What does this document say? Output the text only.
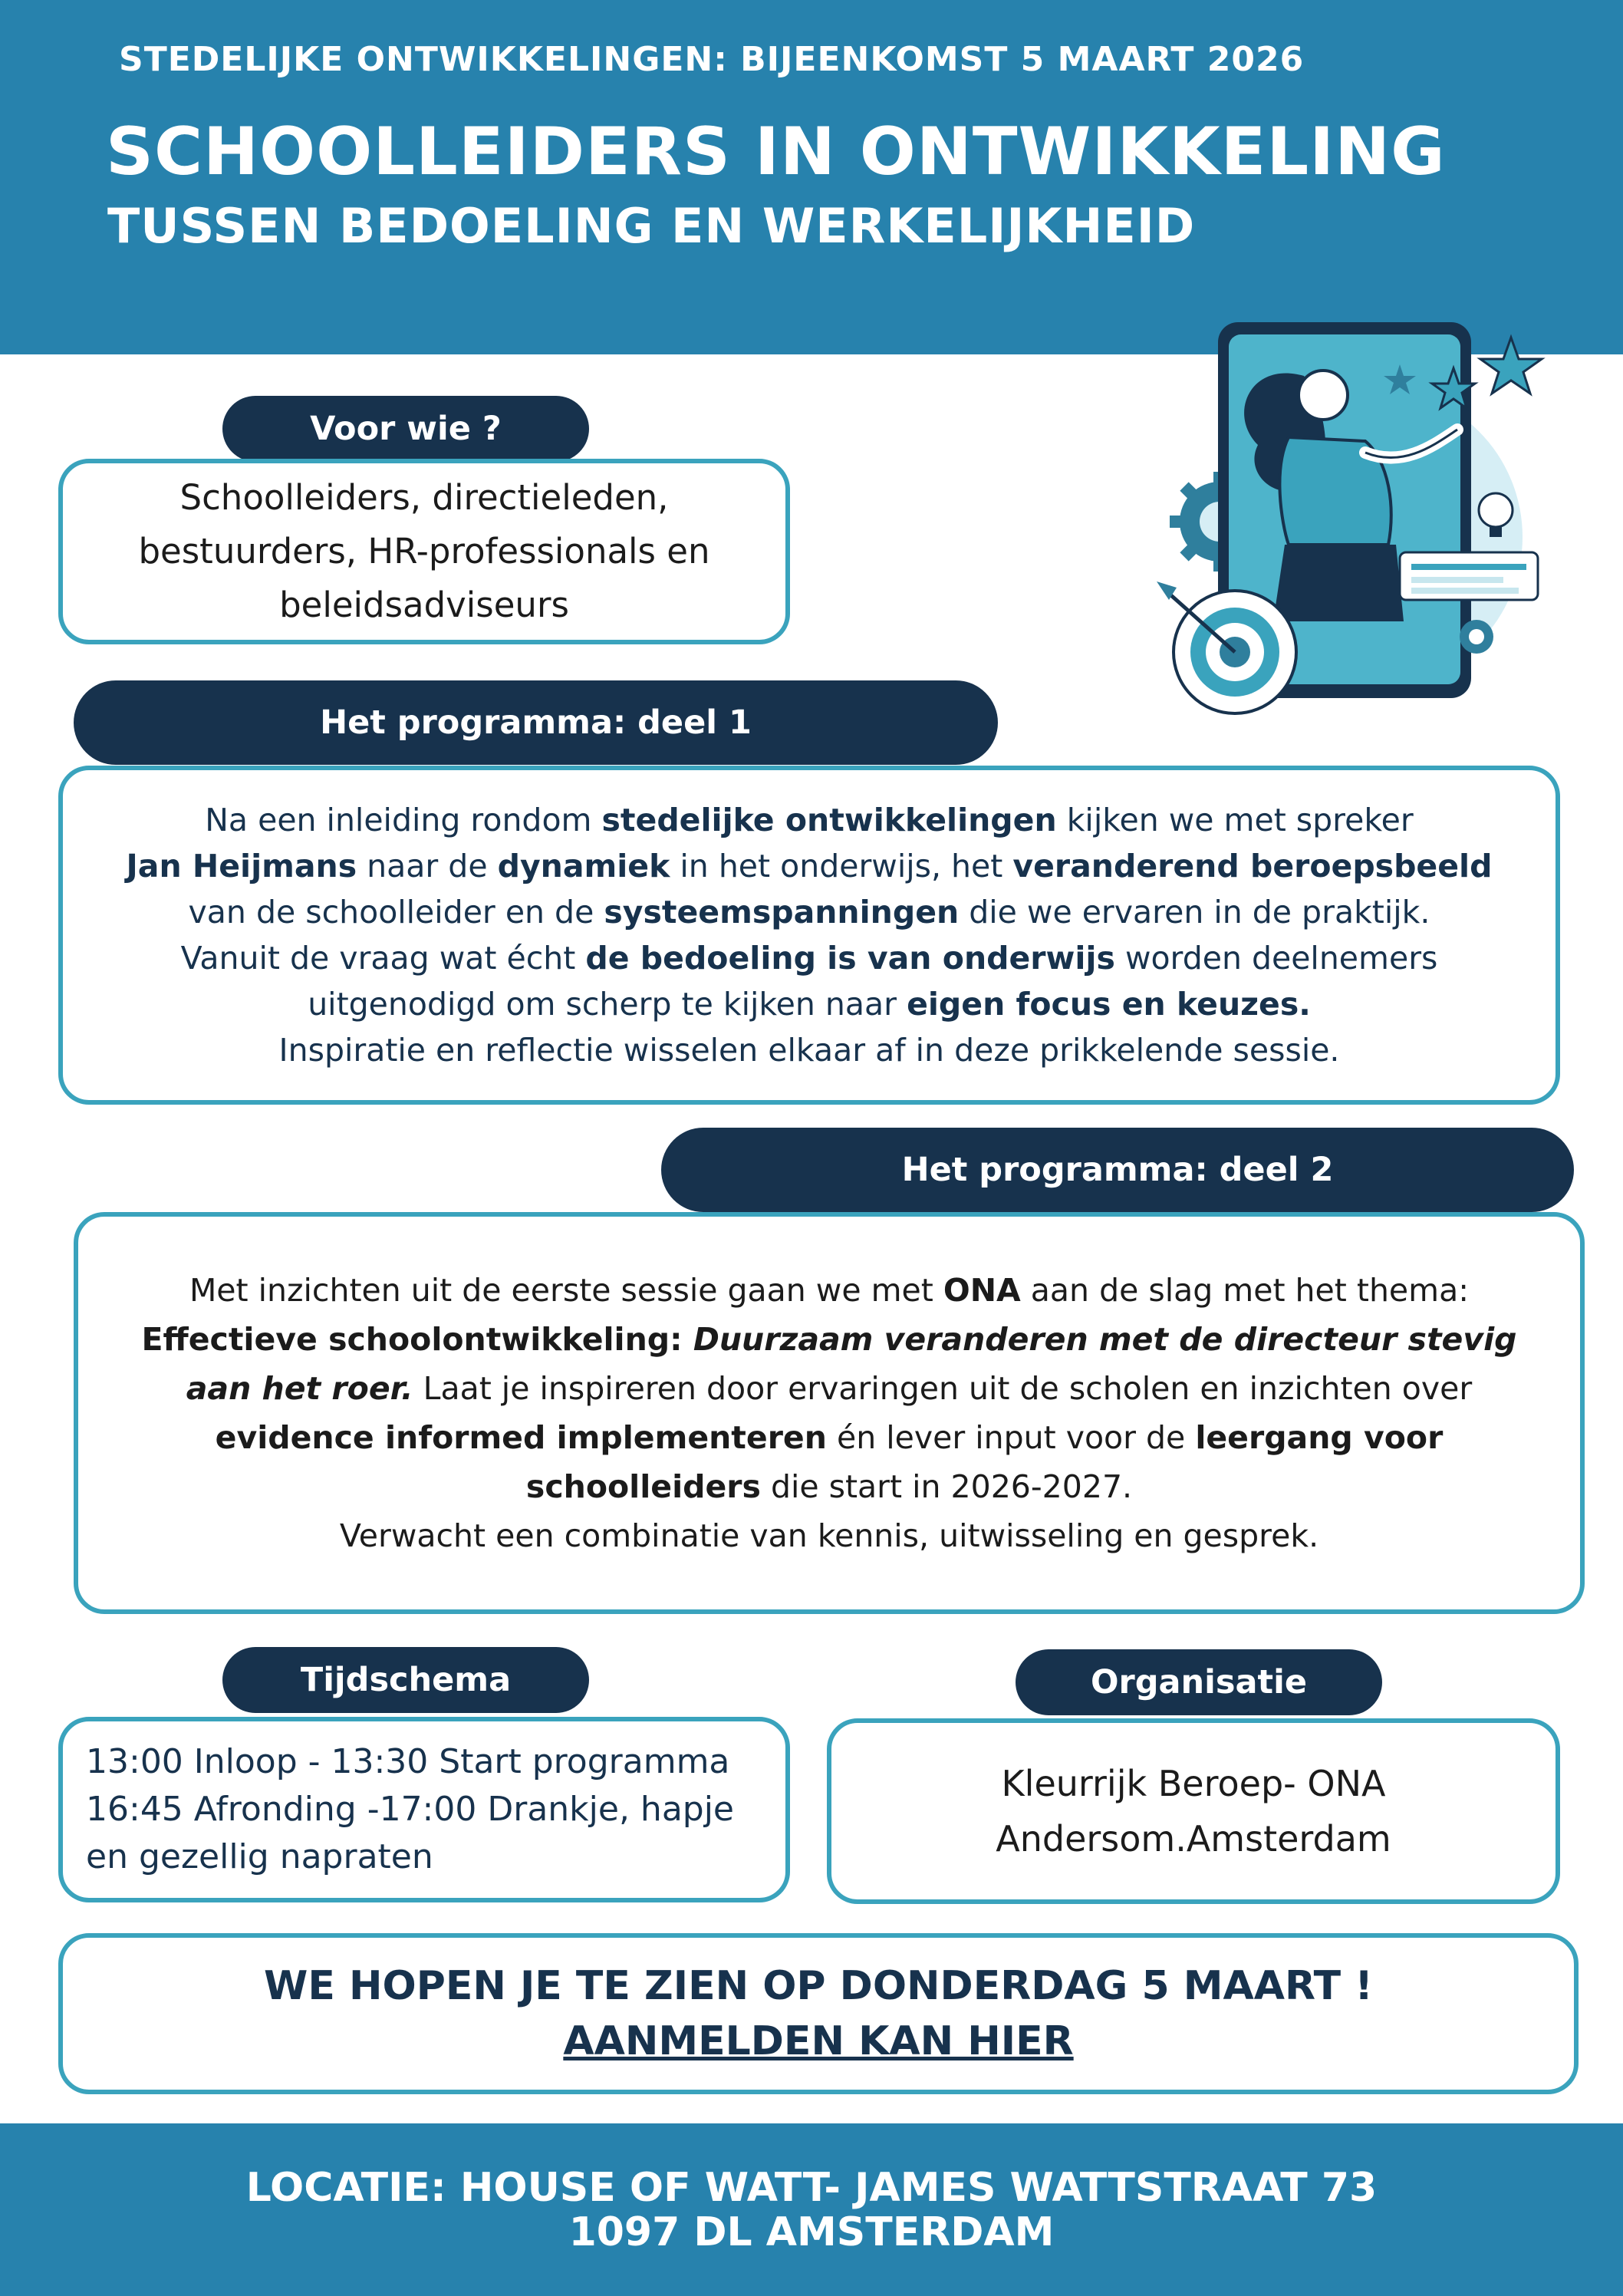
STEDELIJKE ONTWIKKELINGEN: BIJEENKOMST 5 MAART 2026
SCHOOLLEIDERS IN ONTWIKKELING
TUSSEN BEDOELING EN WERKELIJKHEID
Voor wie ?
Schoolleiders, directieleden,
bestuurders, HR-professionals en
beleidsadviseurs
Het programma: deel 1
Na een inleiding rondom stedelijke ontwikkelingen kijken we met spreker
Jan Heijmans naar de dynamiek in het onderwijs, het veranderend beroepsbeeld
van de schoolleider en de systeemspanningen die we ervaren in de praktijk.
Vanuit de vraag wat écht de bedoeling is van onderwijs worden deelnemers
uitgenodigd om scherp te kijken naar eigen focus en keuzes.
Inspiratie en reflectie wisselen elkaar af in deze prikkelende sessie.
Het programma: deel 2
Met inzichten uit de eerste sessie gaan we met ONA aan de slag met het thema:
Effectieve schoolontwikkeling: Duurzaam veranderen met de directeur stevig
aan het roer. Laat je inspireren door ervaringen uit de scholen en inzichten over
evidence informed implementeren én lever input voor de leergang voor
schoolleiders die start in 2026-2027.
Verwacht een combinatie van kennis, uitwisseling en gesprek.
Tijdschema
13:00 Inloop - 13:30 Start programma
16:45 Afronding -17:00 Drankje, hapje
en gezellig napraten
Organisatie
Kleurrijk Beroep- ONA
Andersom.Amsterdam
WE HOPEN JE TE ZIEN OP DONDERDAG 5 MAART !
AANMELDEN KAN HIER
LOCATIE: HOUSE OF WATT- JAMES WATTSTRAAT 73
1097 DL AMSTERDAM
